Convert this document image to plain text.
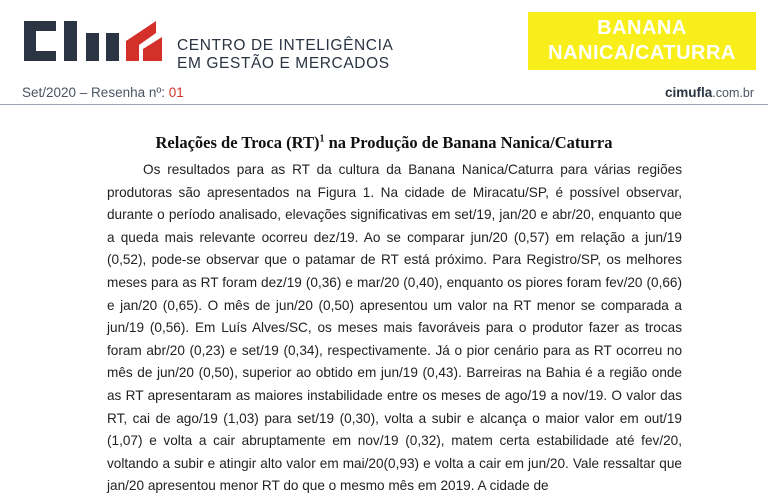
CENTRO DE INTELIGÊNCIA
EM GESTÃO E MERCADOS
BANANA
NANICA/CATURRA
Set/2020 – Resenha nº: 01	cimufla.com.br
Relações de Troca (RT)$^1$ na Produção de Banana Nanica/Caturra

Os resultados para as RT da cultura da Banana Nanica/Caturra para várias regiões produtoras são apresentados na Figura 1. Na cidade de Miracatu/SP, é possível observar, durante o período analisado, elevações significativas em set/19, jan/20 e abr/20, enquanto que a queda mais relevante ocorreu dez/19. Ao se comparar jun/20 (0,57) em relação a jun/19 (0,52), pode-se observar que o patamar de RT está próximo. Para Registro/SP, os melhores meses para as RT foram dez/19 (0,36) e mar/20 (0,40), enquanto os piores foram fev/20 (0,66) e jan/20 (0,65). O mês de jun/20 (0,50) apresentou um valor na RT menor se comparada a jun/19 (0,56). Em Luís Alves/SC, os meses mais favoráveis para o produtor fazer as trocas foram abr/20 (0,23) e set/19 (0,34), respectivamente. Já o pior cenário para as RT ocorreu no mês de jun/20 (0,50), superior ao obtido em jun/19 (0,43). Barreiras na Bahia é a região onde as RT apresentaram as maiores instabilidade entre os meses de ago/19 a nov/19. O valor das RT, cai de ago/19 (1,03) para set/19 (0,30), volta a subir e alcança o maior valor em out/19 (1,07) e volta a cair abruptamente em nov/19 (0,32), matem certa estabilidade até fev/20, voltando a subir e atingir alto valor em mai/20(0,93) e volta a cair em jun/20. Vale ressaltar que jan/20 apresentou menor RT do que o mesmo mês em 2019. A cidade de
